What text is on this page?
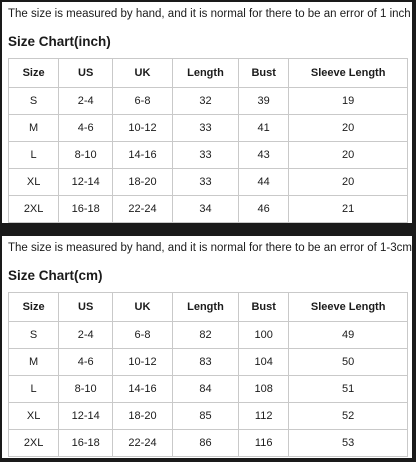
The size is measured by hand, and it is normal for there to be an error of 1 inch
Size Chart(inch)
Size	US	UK	Length	Bust	Sleeve Length
S	2-4	6-8	32	39	19
M	4-6	10-12	33	41	20
L	8-10	14-16	33	43	20
XL	12-14	18-20	33	44	20
2XL	16-18	22-24	34	46	21
The size is measured by hand, and it is normal for there to be an error of 1-3cm
Size Chart(cm)
Size	US	UK	Length	Bust	Sleeve Length
S	2-4	6-8	82	100	49
M	4-6	10-12	83	104	50
L	8-10	14-16	84	108	51
XL	12-14	18-20	85	112	52
2XL	16-18	22-24	86	116	53
